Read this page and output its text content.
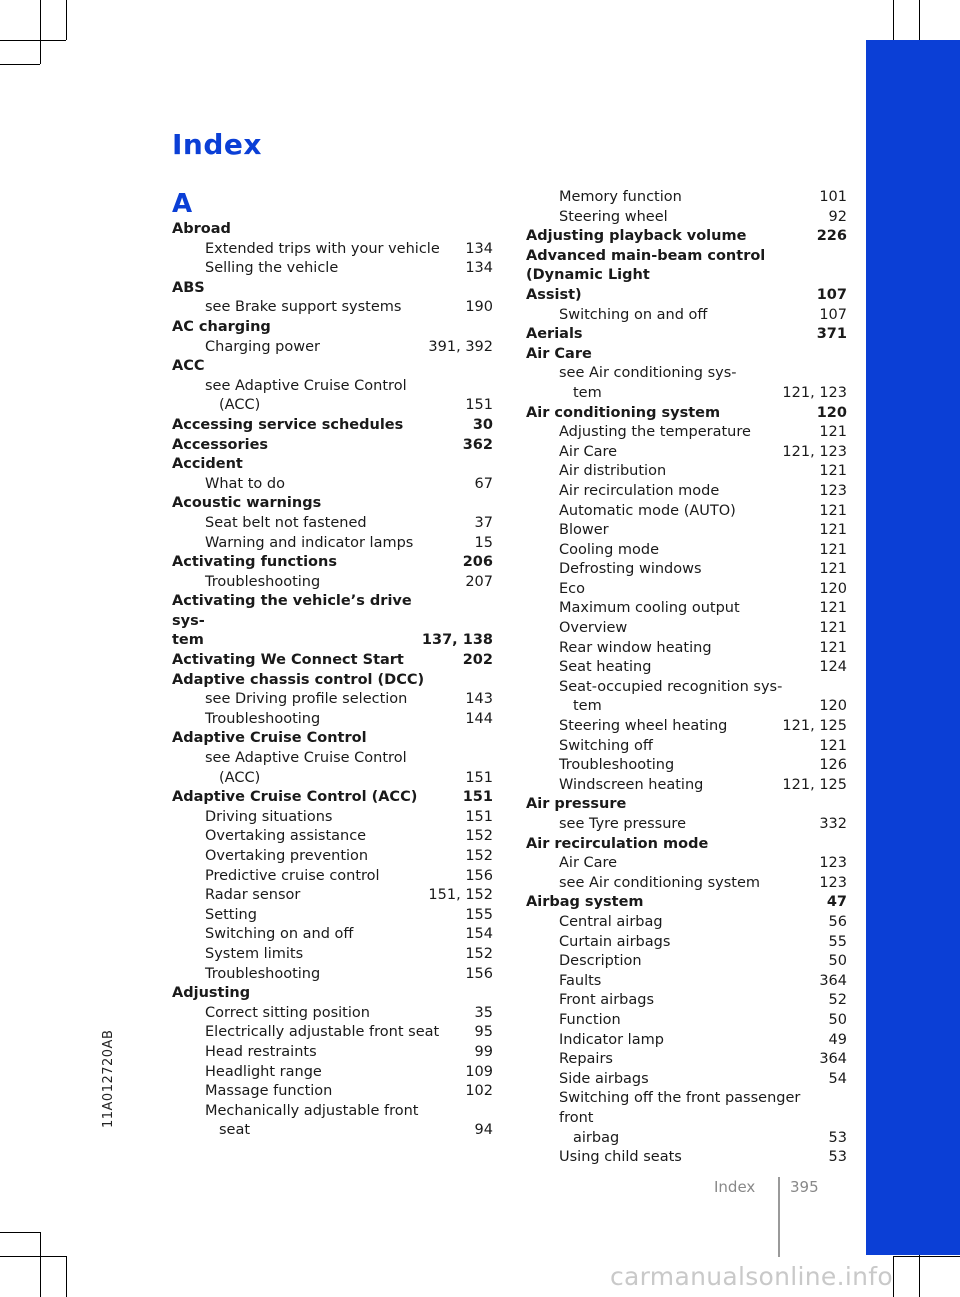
Index
A
Abroad
Extended trips with your vehicle	134
Selling the vehicle	134
ABS
see Brake support systems	190
AC charging
Charging power	391, 392
ACC
see Adaptive Cruise Control
(ACC)	151
Accessing service schedules	30
Accessories	362
Accident
What to do	67
Acoustic warnings
Seat belt not fastened	37
Warning and indicator lamps	15
Activating functions	206
Troubleshooting	207
Activating the vehicle’s drive sys-
tem	137, 138
Activating We Connect Start	202
Adaptive chassis control (DCC)
see Driving profile selection	143
Troubleshooting	144
Adaptive Cruise Control
see Adaptive Cruise Control
(ACC)	151
Adaptive Cruise Control (ACC)	151
Driving situations	151
Overtaking assistance	152
Overtaking prevention	152
Predictive cruise control	156
Radar sensor	151, 152
Setting	155
Switching on and off	154
System limits	152
Troubleshooting	156
Adjusting
Correct sitting position	35
Electrically adjustable front seat	95
Head restraints	99
Headlight range	109
Massage function	102
Mechanically adjustable front
seat	94
Memory function	101
Steering wheel	92
Adjusting playback volume	226
Advanced main-beam control (Dynamic Light
Assist)	107
Switching on and off	107
Aerials	371
Air Care
see Air conditioning sys-
tem	121, 123
Air conditioning system	120
Adjusting the temperature	121
Air Care	121, 123
Air distribution	121
Air recirculation mode	123
Automatic mode (AUTO)	121
Blower	121
Cooling mode	121
Defrosting windows	121
Eco	120
Maximum cooling output	121
Overview	121
Rear window heating	121
Seat heating	124
Seat-occupied recognition sys-
tem	120
Steering wheel heating	121, 125
Switching off	121
Troubleshooting	126
Windscreen heating	121, 125
Air pressure
see Tyre pressure	332
Air recirculation mode
Air Care	123
see Air conditioning system	123
Airbag system	47
Central airbag	56
Curtain airbags	55
Description	50
Faults	364
Front airbags	52
Function	50
Indicator lamp	49
Repairs	364
Side airbags	54
Switching off the front passenger front
airbag	53
Using child seats	53
11A012720AB
Index 395
carmanualsonline.info
